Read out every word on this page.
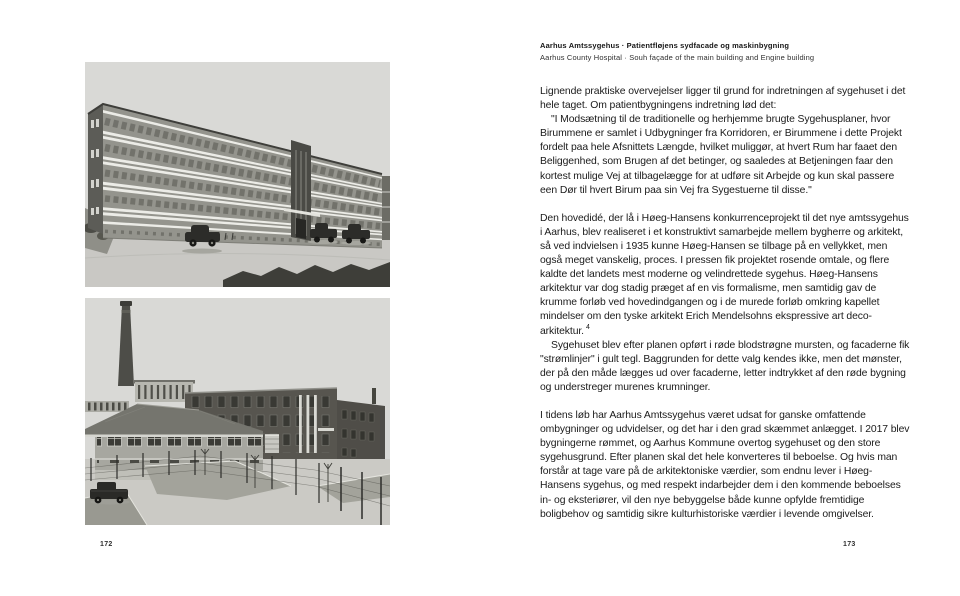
172
Aarhus Amtssygehus · Patientfløjens sydfacade og maskinbygning
Aarhus County Hospital · Souh façade of the main building and Engine building

Lignende praktiske overvejelser ligger til grund for indretningen af sygehuset i det hele taget. Om patientbygningens indretning lød det:

"I Modsætning til de traditionelle og herhjemme brugte Sygehusplaner, hvor Birummene er samlet i Udbygninger fra Korridoren, er Birummene i dette Projekt fordelt paa hele Afsnittets Længde, hvilket muliggør, at hvert Rum har faaet den Beliggenhed, som Brugen af det betinger, og saaledes at Betjeningen faar den kortest mulige Vej at tilbagelægge for at udføre sit Arbejde og kun skal passere een Dør til hvert Birum paa sin Vej fra Sygestuerne til disse."

Den hovedidé, der lå i Høeg-Hansens konkurrenceprojekt til det nye amtssygehus i Aarhus, blev realiseret i et konstruktivt samarbejde mellem bygherre og arkitekt, så ved indvielsen i 1935 kunne Høeg-Hansen se tilbage på en vellykket, men også meget vanskelig, proces. I pressen fik projektet rosende omtale, og flere kaldte det landets mest moderne og velindrettede sygehus. Høeg-Hansens arkitektur var dog stadig præget af en vis formalisme, men samtidig gav de krumme forløb ved hovedindgangen og i de murede forløb omkring kapellet mindelser om den tyske arkitekt Erich Mendelsohns ekspressive art deco-arkitektur. $^4$

Sygehuset blev efter planen opført i røde blodstrøgne mursten, og facaderne fik "strømlinjer" i gult tegl. Baggrunden for dette valg kendes ikke, men det mønster, der på den måde lægges ud over facaderne, letter indtrykket af den røde bygning og understreger murenes krumninger.

I tidens løb har Aarhus Amtssygehus været udsat for ganske omfattende ombygninger og udvidelser, og det har i den grad skæmmet anlægget. I 2017 blev bygningerne rømmet, og Aarhus Kommune overtog sygehuset og den store sygehusgrund. Efter planen skal det hele konverteres til beboelse. Og hvis man forstår at tage vare på de arkitektoniske værdier, som endnu lever i Høeg-Hansens sygehus, og med respekt indarbejder dem i den kommende beboelses in- og eksteriører, vil den nye bebyggelse både kunne opfylde fremtidige boligbehov og samtidig sikre kulturhistoriske værdier i levende omgivelser.

173
